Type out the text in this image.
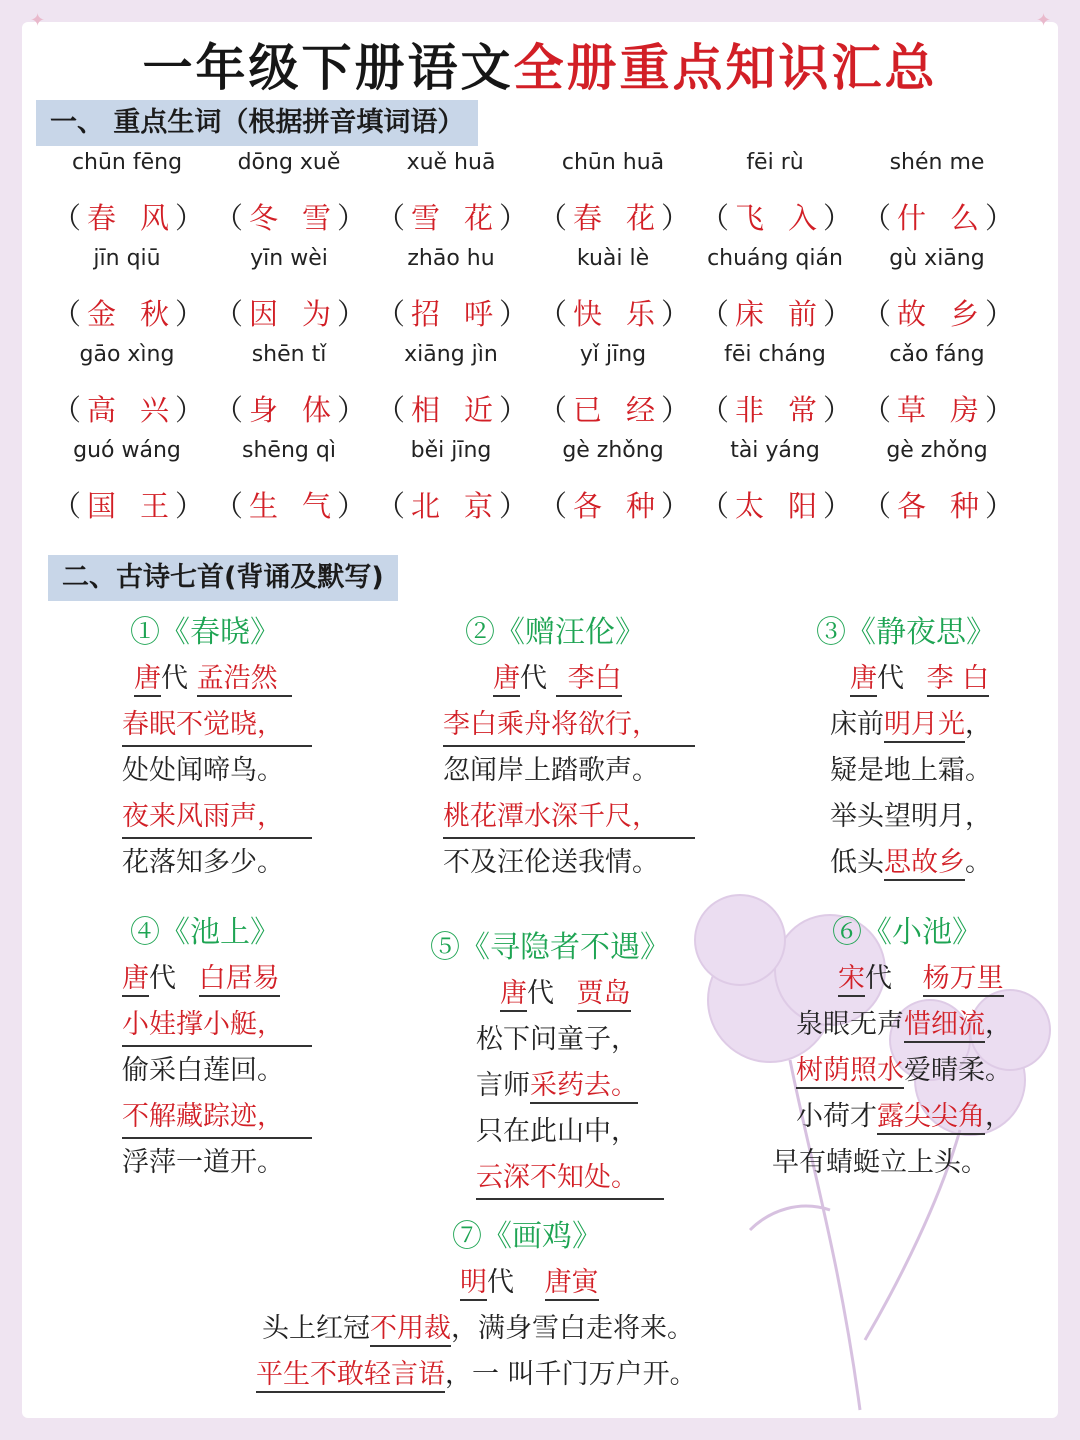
✦	✦
一年级下册语文全册重点知识汇总
一、 重点生词（根据拼音填词语）
chūn fēng
（春 风）
dōng xuě
（冬 雪）
xuě huā
（雪 花）
chūn huā
（春 花）
fēi rù
（飞 入）
shén me
（什 么）
jīn qiū
（金 秋）
yīn wèi
（因 为）
zhāo hu
（招 呼）
kuài lè
（快 乐）
chuáng qián
（床 前）
gù xiāng
（故 乡）
gāo xìng
（高 兴）
shēn tǐ
（身 体）
xiāng jìn
（相 近）
yǐ jīng
（已 经）
fēi cháng
（非 常）
cǎo fáng
（草 房）
guó wáng
（国 王）
shēng qì
（生 气）
běi jīng
（北 京）
gè zhǒng
（各 种）
tài yáng
（太 阳）
gè zhǒng
（各 种）
二、古诗七首(背诵及默写)
①《春晓》
唐代 孟浩然
春眠不觉晓，
处处闻啼鸟。
夜来风雨声，
花落知多少。
②《赠汪伦》
唐代 李白
李白乘舟将欲行，
忽闻岸上踏歌声。
桃花潭水深千尺，
不及汪伦送我情。
③《静夜思》
唐代 李 白
床前明月光，
疑是地上霜。
举头望明月，
低头思故乡。
④《池上》
唐代 白居易
小娃撑小艇，
偷采白莲回。
不解藏踪迹，
浮萍一道开。
⑤《寻隐者不遇》
唐代 贾岛
松下问童子，
言师采药去。
只在此山中，
云深不知处。
⑥《小池》
宋代 杨万里
泉眼无声惜细流，
树荫照水爱晴柔。
小荷才露尖尖角，
早有蜻蜓立上头。
⑦《画鸡》
明代 唐寅
头上红冠不用裁，满身雪白走将来。
平生不敢轻言语，一 叫千门万户开。
